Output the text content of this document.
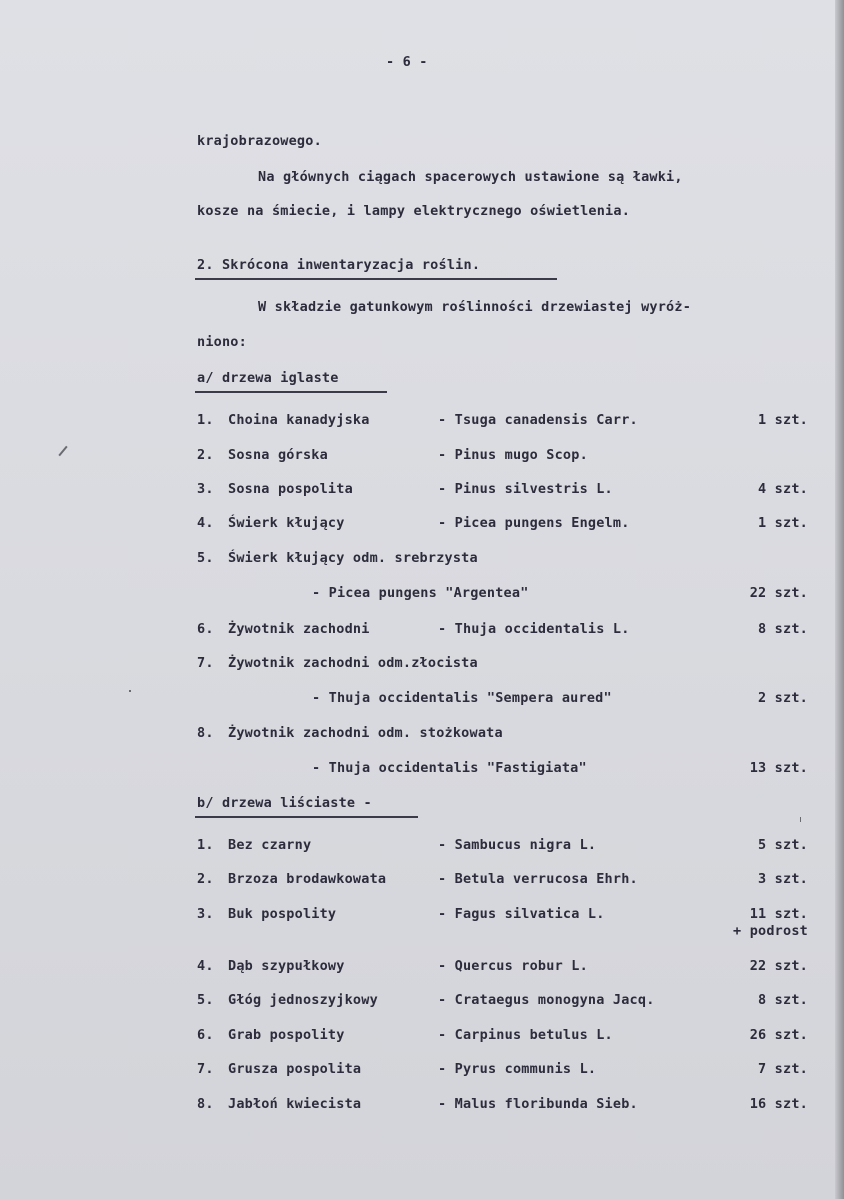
- 6 -
krajobrazowego.
Na głównych ciągach spacerowych ustawione są ławki,
kosze na śmiecie, i lampy elektrycznego oświetlenia.
2. Skrócona inwentaryzacja roślin.
W składzie gatunkowym roślinności drzewiastej wyróż-
niono:
a/ drzewa iglaste
1. Choina kanadyjska	- Tsuga canadensis Carr.	1 szt.
2. Sosna górska	- Pinus mugo Scop.
3. Sosna pospolita	- Pinus silvestris L.	4 szt.
4. Świerk kłujący	- Picea pungens Engelm.	1 szt.
5. Świerk kłujący odm. srebrzysta
- Picea pungens "Argentea"	22 szt.
6. Żywotnik zachodni	- Thuja occidentalis L.	8 szt.
7. Żywotnik zachodni odm.złocista
- Thuja occidentalis "Sempera aured"	2 szt.
8. Żywotnik zachodni odm. stożkowata
- Thuja occidentalis "Fastigiata"	13 szt.
b/ drzewa liściaste -
1. Bez czarny	- Sambucus nigra L.	5 szt.
2. Brzoza brodawkowata	- Betula verrucosa Ehrh.	3 szt.
3. Buk pospolity	- Fagus silvatica L.	11 szt.
+ podrost
4. Dąb szypułkowy	- Quercus robur L.	22 szt.
5. Głóg jednoszyjkowy	- Crataegus monogyna Jacq.	8 szt.
6. Grab pospolity	- Carpinus betulus L.	26 szt.
7. Grusza pospolita	- Pyrus communis L.	7 szt.
8. Jabłoń kwiecista	- Malus floribunda Sieb.	16 szt.
